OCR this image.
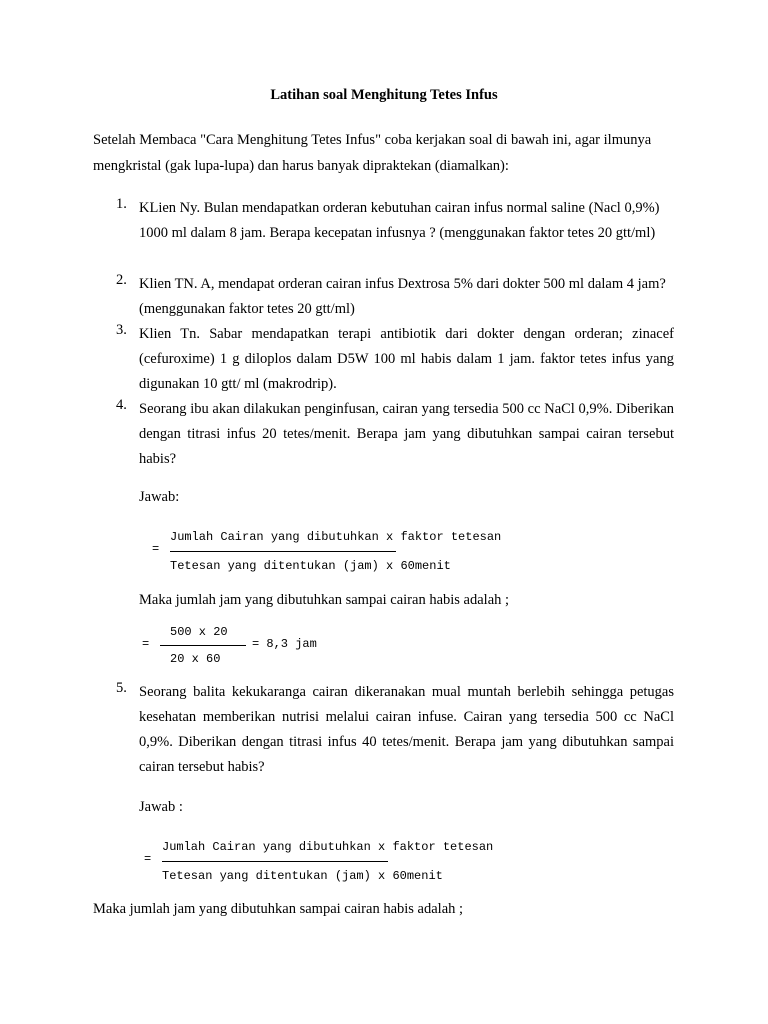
Latihan soal Menghitung Tetes Infus

Setelah Membaca "Cara Menghitung Tetes Infus" coba kerjakan soal di bawah ini, agar ilmunya mengkristal (gak lupa-lupa) dan harus banyak dipraktekan (diamalkan):

1. KLien Ny. Bulan mendapatkan orderan kebutuhan cairan infus normal saline (Nacl 0,9%) 1000 ml dalam 8 jam. Berapa kecepatan infusnya ? (menggunakan faktor tetes 20 gtt/ml)

2. Klien TN. A, mendapat orderan cairan infus Dextrosa 5% dari dokter 500 ml dalam 4 jam? (menggunakan faktor tetes 20 gtt/ml)

3. Klien Tn. Sabar mendapatkan terapi antibiotik dari dokter dengan orderan; zinacef (cefuroxime) 1 g diloplos dalam D5W 100 ml habis dalam 1 jam. faktor tetes infus yang digunakan 10 gtt/ ml (makrodrip).

4. Seorang ibu akan dilakukan penginfusan, cairan yang tersedia 500 cc NaCl 0,9%. Diberikan dengan titrasi infus 20 tetes/menit. Berapa jam yang dibutuhkan sampai cairan tersebut habis?

Jawab:

Jumlah Cairan yang dibutuhkan x faktor tetesan

=

Tetesan yang ditentukan (jam) x 60menit

Maka jumlah jam yang dibutuhkan sampai cairan habis adalah ;

500 x 20

=

	= 8,3 jam

20 x 60

5. Seorang balita kekukaranga cairan dikeranakan mual muntah berlebih sehingga petugas kesehatan memberikan nutrisi melalui cairan infuse. Cairan yang tersedia 500 cc NaCl 0,9%. Diberikan dengan titrasi infus 40 tetes/menit. Berapa jam yang dibutuhkan sampai cairan tersebut habis?

Jawab :

Jumlah Cairan yang dibutuhkan x faktor tetesan

=

Tetesan yang ditentukan (jam) x 60menit

Maka jumlah jam yang dibutuhkan sampai cairan habis adalah ;
